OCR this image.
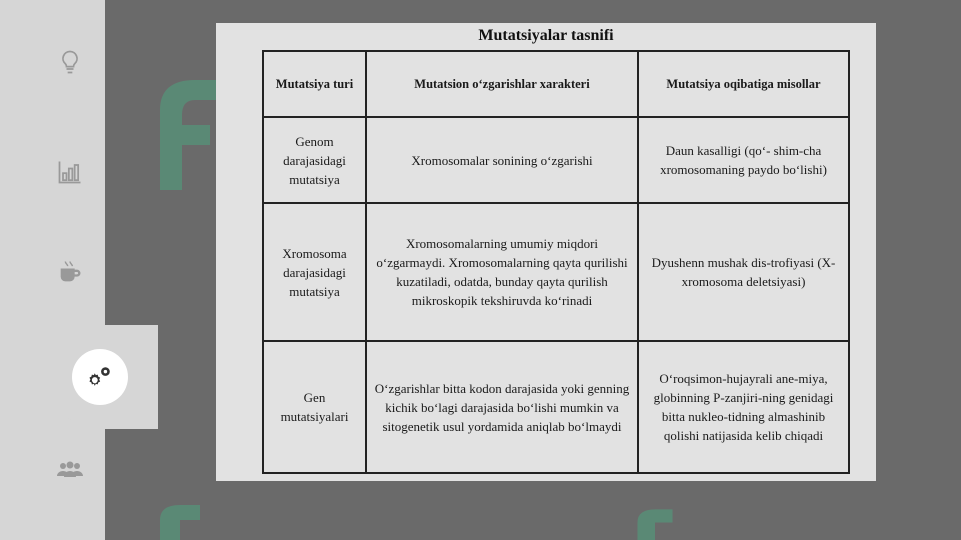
Mutatsiyalar tasnifi
Mutatsiya turi	Mutatsion o‘zgarishlar xarakteri	Mutatsiya oqibatiga misollar
Genom darajasidagi mutatsiya	Xromosomalar sonining o‘zgarishi	Daun kasalligi (qo‘- shim-cha xromosomaning paydo bo‘lishi)
Xromosoma darajasidagi mutatsiya	Xromosomalarning umumiy miqdori o‘zgarmaydi. Xromosomalarning qayta qurilishi kuzatiladi, odatda, bunday qayta qurilish mikroskopik tekshiruvda ko‘rinadi	Dyushenn mushak dis-trofiyasi (X-xromosoma deletsiyasi)
Gen mutatsiyalari	O‘zgarishlar bitta kodon darajasida yoki genning kichik bo‘lagi darajasida bo‘lishi mumkin va sitogenetik usul yordamida aniqlab bo‘lmaydi	O‘roqsimon-hujayrali ane-miya, globinning P-zanjiri-ning genidagi bitta nukleo-tidning almashinib qolishi natijasida kelib chiqadi
